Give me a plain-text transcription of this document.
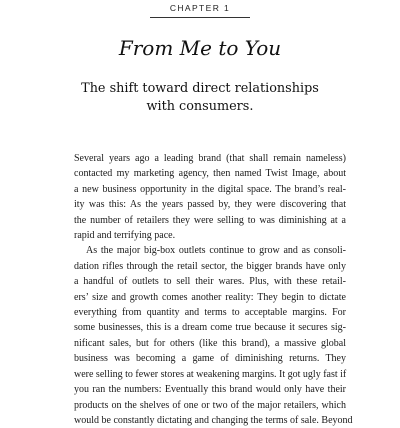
CHAPTER 1
From Me to You
The shift toward direct relationships
with consumers.
Several years ago a leading brand (that shall remain nameless)
contacted my marketing agency, then named Twist Image, about
a new business opportunity in the digital space. The brand’s real-
ity was this: As the years passed by, they were discovering that
the number of retailers they were selling to was diminishing at a
rapid and terrifying pace.
As the major big-box outlets continue to grow and as consoli-
dation rifles through the retail sector, the bigger brands have only
a handful of outlets to sell their wares. Plus, with these retail-
ers’ size and growth comes another reality: They begin to dictate
everything from quantity and terms to acceptable margins. For
some businesses, this is a dream come true because it secures sig-
nificant sales, but for others (like this brand), a massive global
business was becoming a game of diminishing returns. They
were selling to fewer stores at weakening margins. It got ugly fast if
you ran the numbers: Eventually this brand would only have their
products on the shelves of one or two of the major retailers, which
would be constantly dictating and changing the terms of sale. Beyond
